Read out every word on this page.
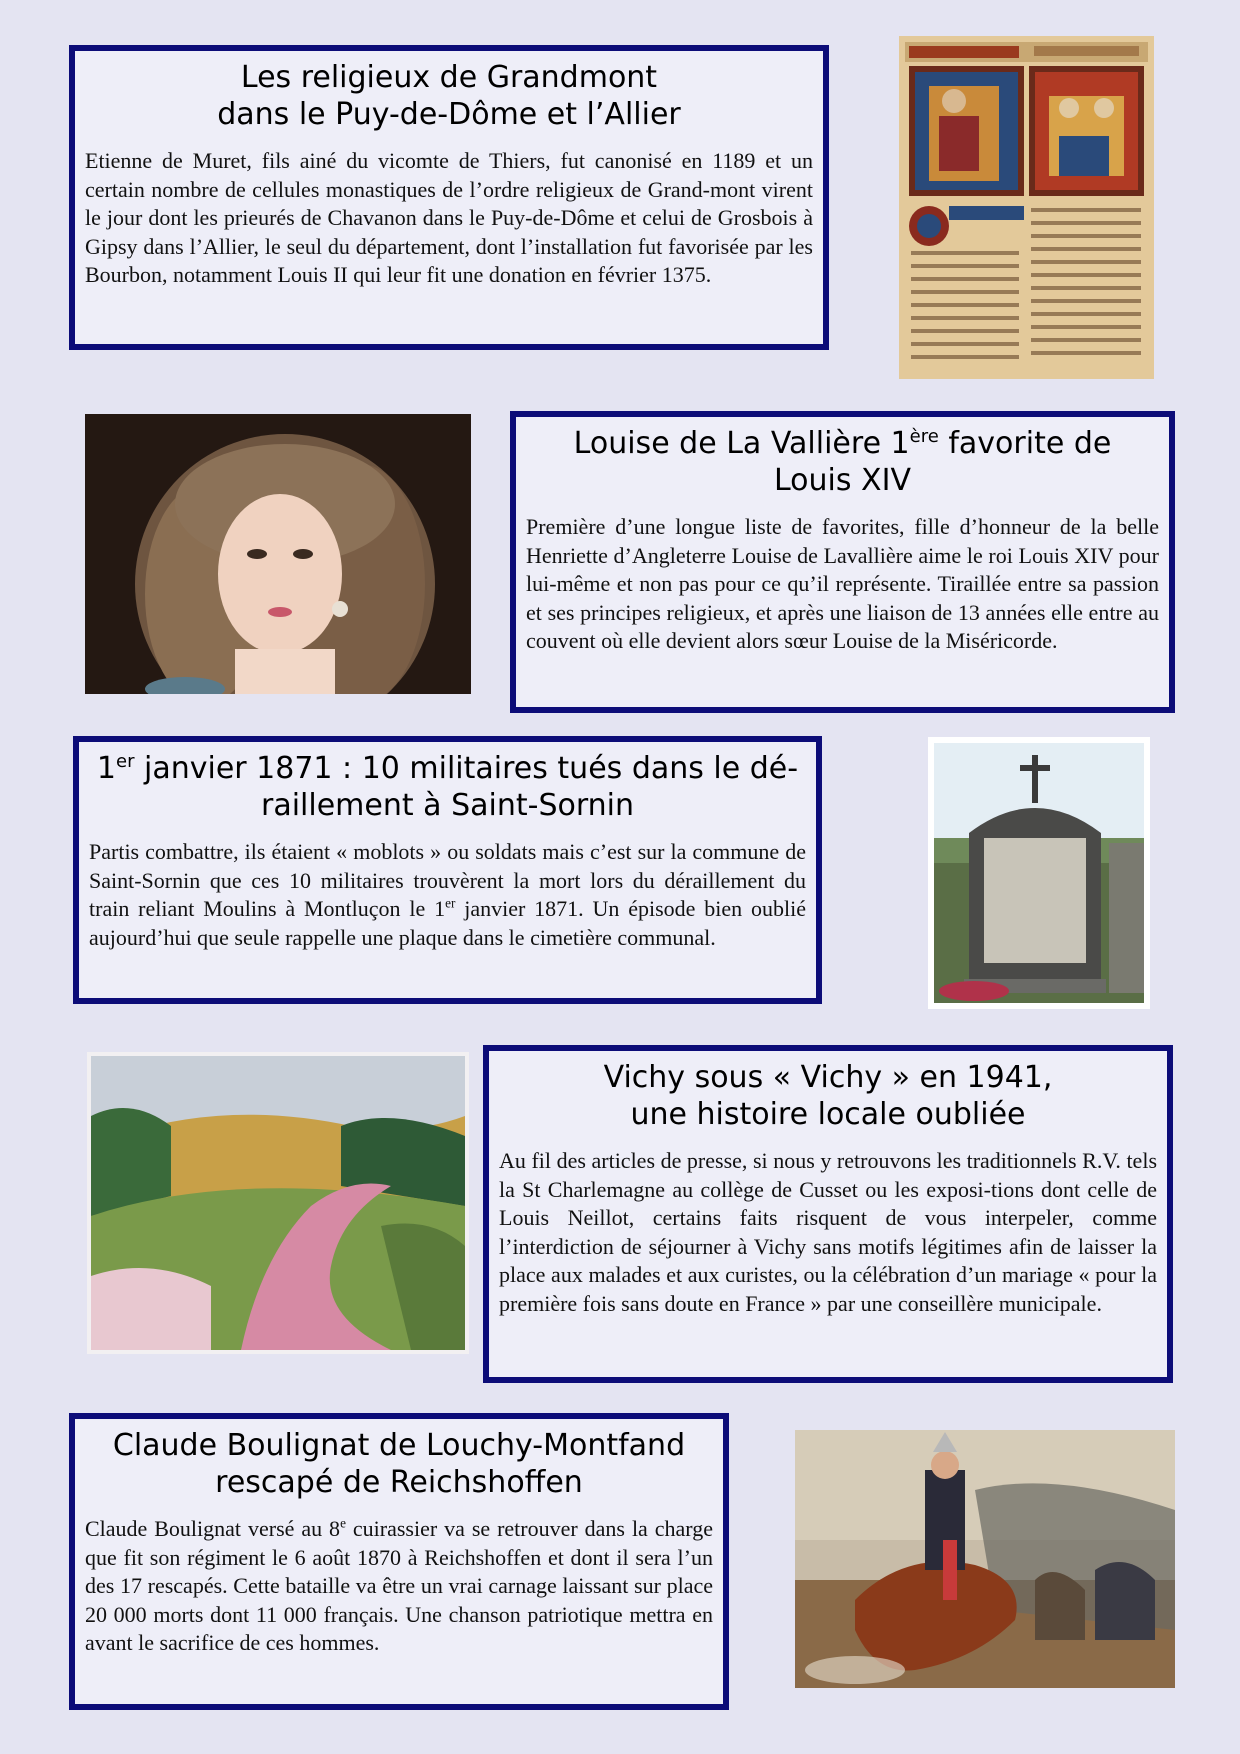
Les religieux de Grandmont
dans le Puy-de-Dôme et l’Allier

Etienne de Muret, fils ainé du vicomte de Thiers, fut canonisé en 1189 et un certain nombre de cellules monastiques de l’ordre religieux de Grand-mont virent le jour dont les prieurés de Chavanon dans le Puy-de-Dôme et celui de Grosbois à Gipsy dans l’Allier, le seul du département, dont l’installation fut favorisée par les Bourbon, notamment Louis II qui leur fit une donation en février 1375.

Louise de La Vallière 1ère favorite de
Louis XIV

Première d’une longue liste de favorites, fille d’honneur de la belle Henriette d’Angleterre Louise de Lavallière aime le roi Louis XIV pour lui-même et non pas pour ce qu’il représente. Tiraillée entre sa passion et ses principes religieux, et après une liaison de 13 années elle entre au couvent où elle devient alors sœur Louise de la Miséricorde.

1er janvier 1871 : 10 militaires tués dans le dé-
raillement à Saint-Sornin

Partis combattre, ils étaient « moblots » ou soldats mais c’est sur la commune de Saint-Sornin que ces 10 militaires trouvèrent la mort lors du déraillement du train reliant Moulins à Montluçon le 1er janvier 1871. Un épisode bien oublié aujourd’hui que seule rappelle une plaque dans le cimetière communal.

Vichy sous « Vichy » en 1941,
une histoire locale oubliée

Au fil des articles de presse, si nous y retrouvons les traditionnels R.V. tels la St Charlemagne au collège de Cusset ou les exposi-tions dont celle de Louis Neillot, certains faits risquent de vous interpeler, comme l’interdiction de séjourner à Vichy sans motifs légitimes afin de laisser la place aux malades et aux curistes, ou la célébration d’un mariage « pour la première fois sans doute en France » par une conseillère municipale.

Claude Boulignat de Louchy-Montfand
rescapé de Reichshoffen

Claude Boulignat versé au 8e cuirassier va se retrouver dans la charge que fit son régiment le 6 août 1870 à Reichshoffen et dont il sera l’un des 17 rescapés. Cette bataille va être un vrai carnage laissant sur place 20 000 morts dont 11 000 français. Une chanson patriotique mettra en avant le sacrifice de ces hommes.
